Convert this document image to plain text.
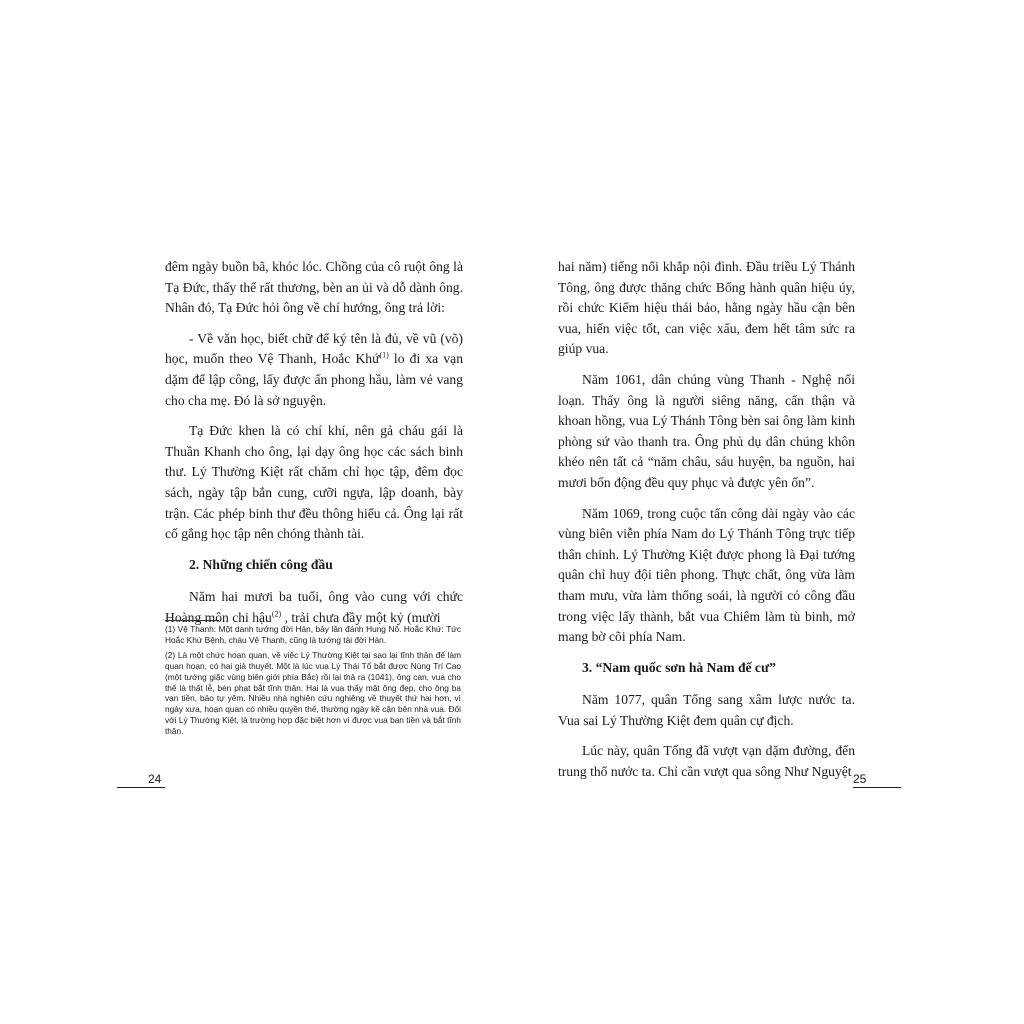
đêm ngày buồn bã, khóc lóc. Chồng của cô ruột ông là Tạ Đức, thấy thế rất thương, bèn an ủi và dỗ dành ông. Nhân đó, Tạ Đức hỏi ông về chí hướng, ông trả lời:

- Về văn học, biết chữ để ký tên là đủ, về vũ (võ) học, muốn theo Vệ Thanh, Hoắc Khứ$^{(1)}$ lo đi xa vạn dặm để lập công, lấy được ấn phong hầu, làm vẻ vang cho cha mẹ. Đó là sở nguyện.

Tạ Đức khen là có chí khí, nên gả cháu gái là Thuần Khanh cho ông, lại dạy ông học các sách binh thư. Lý Thường Kiệt rất chăm chỉ học tập, đêm đọc sách, ngày tập bắn cung, cưỡi ngựa, lập doanh, bày trận. Các phép binh thư đều thông hiểu cả. Ông lại rất cố gắng học tập nên chóng thành tài.

2. Những chiến công đầu

Năm hai mươi ba tuổi, ông vào cung với chức Hoàng môn chi hậu$^{(2)}$ , trải chưa đầy một kỷ (mười

(1) Vệ Thanh: Một danh tướng đời Hán, bảy lần đánh Hung Nô. Hoắc Khứ: Tức Hoắc Khứ Bệnh, cháu Vệ Thanh, cũng là tướng tài đời Hán.
(2) Là một chức hoạn quan, về việc Lý Thường Kiệt tại sao lại tĩnh thân để làm quan hoạn, có hai giả thuyết. Một là lúc vua Lý Thái Tổ bắt được Nùng Trí Cao (một tướng giặc vùng biên giới phía Bắc) rồi lại thả ra (1041), ông can, vua cho thế là thất lễ, bèn phạt bắt tĩnh thân. Hai là vua thấy mặt ông đẹp, cho ông ba vạn tiền, bảo tự yêm. Nhiều nhà nghiên cứu nghiêng về thuyết thứ hai hơn, vì ngày xưa, hoạn quan có nhiều quyền thế, thường ngày kề cận bên nhà vua. Đối với Lý Thường Kiệt, là trường hợp đặc biệt hơn vì được vua ban tiền và bắt tĩnh thân.
24

hai năm) tiếng nổi khắp nội đình. Đầu triều Lý Thánh Tông, ông được thăng chức Bổng hành quân hiệu úy, rồi chức Kiểm hiệu thái bảo, hằng ngày hầu cận bên vua, hiến việc tốt, can việc xấu, đem hết tâm sức ra giúp vua.

Năm 1061, dân chúng vùng Thanh - Nghệ nổi loạn. Thấy ông là người siêng năng, cẩn thận và khoan hồng, vua Lý Thánh Tông bèn sai ông làm kinh phòng sứ vào thanh tra. Ông phủ dụ dân chúng khôn khéo nên tất cả “năm châu, sáu huyện, ba nguồn, hai mươi bốn động đều quy phục và được yên ổn”.

Năm 1069, trong cuộc tấn công dài ngày vào các vùng biên viễn phía Nam do Lý Thánh Tông trực tiếp thân chinh. Lý Thường Kiệt được phong là Đại tướng quân chỉ huy đội tiên phong. Thực chất, ông vừa làm tham mưu, vừa làm thống soái, là người có công đầu trong việc lấy thành, bắt vua Chiêm làm tù binh, mở mang bờ cõi phía Nam.

3. “Nam quốc sơn hà Nam đế cư”

Năm 1077, quân Tống sang xâm lược nước ta. Vua sai Lý Thường Kiệt đem quân cự địch.

Lúc này, quân Tống đã vượt vạn dặm đường, đến trung thổ nước ta. Chỉ cần vượt qua sông Như Nguyệt 25
